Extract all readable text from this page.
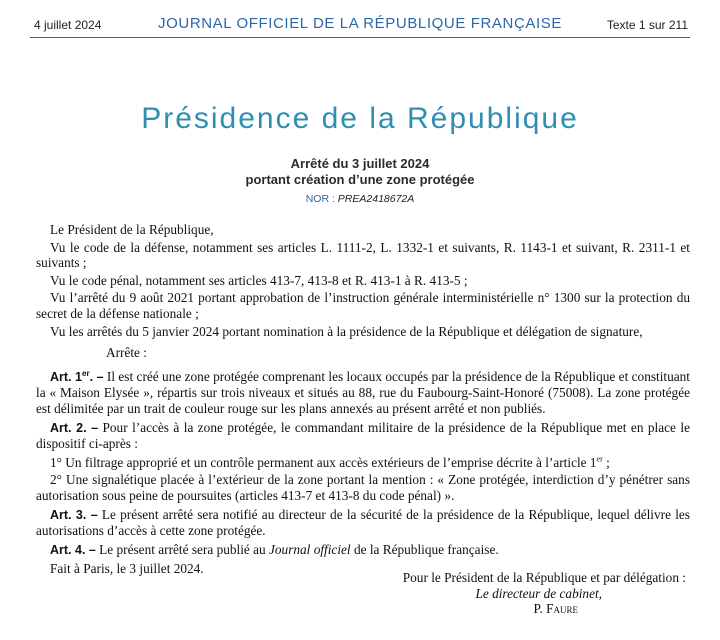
4 juillet 2024	JOURNAL OFFICIEL DE LA RÉPUBLIQUE FRANÇAISE	Texte 1 sur 211
Présidence de la République
Arrêté du 3 juillet 2024
portant création d’une zone protégée
NOR : PREA2418672A

Le Président de la République,

Vu le code de la défense, notamment ses articles L. 1111-2, L. 1332-1 et suivants, R. 1143-1 et suivant, R. 2311-1 et suivants ;

Vu le code pénal, notamment ses articles 413-7, 413-8 et R. 413-1 à R. 413-5 ;

Vu l’arrêté du 9 août 2021 portant approbation de l’instruction générale interministérielle n° 1300 sur la protection du secret de la défense nationale ;

Vu les arrêtés du 5 janvier 2024 portant nomination à la présidence de la République et délégation de signature,

Arrête :

Art. 1er. – Il est créé une zone protégée comprenant les locaux occupés par la présidence de la République et constituant la « Maison Elysée », répartis sur trois niveaux et situés au 88, rue du Faubourg-Saint-Honoré (75008). La zone protégée est délimitée par un trait de couleur rouge sur les plans annexés au présent arrêté et non publiés.

Art. 2. – Pour l’accès à la zone protégée, le commandant militaire de la présidence de la République met en place le dispositif ci-après :

1° Un filtrage approprié et un contrôle permanent aux accès extérieurs de l’emprise décrite à l’article 1er ;

2° Une signalétique placée à l’extérieur de la zone portant la mention : « Zone protégée, interdiction d’y pénétrer sans autorisation sous peine de poursuites (articles 413-7 et 413-8 du code pénal) ».

Art. 3. – Le présent arrêté sera notifié au directeur de la sécurité de la présidence de la République, lequel délivre les autorisations d’accès à cette zone protégée.

Art. 4. – Le présent arrêté sera publié au Journal officiel de la République française.

Fait à Paris, le 3 juillet 2024.

Pour le Président de la République et par délégation :
Le directeur de cabinet,
P. Faure
